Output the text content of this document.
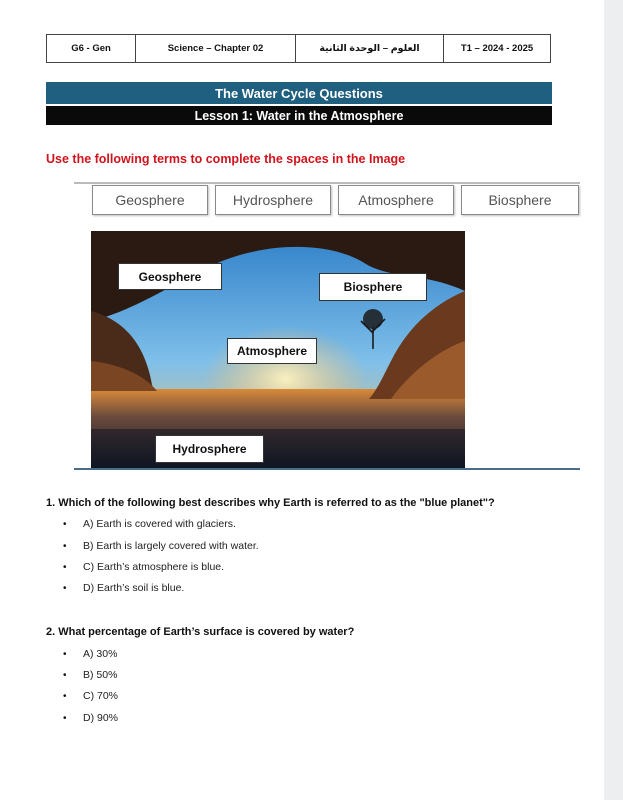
G6 - Gen	Science – Chapter 02	العلوم – الوحدة الثانية	T1 – 2024 - 2025
The Water Cycle Questions
Lesson 1: Water in the Atmosphere
Use the following terms to complete the spaces in the Image
Geosphere	Hydrosphere	Atmosphere	Biosphere
Geosphere
Biosphere
Atmosphere
Hydrosphere
1. Which of the following best describes why Earth is referred to as the "blue planet"?
•	A) Earth is covered with glaciers.
•	B) Earth is largely covered with water.
•	C) Earth’s atmosphere is blue.
•	D) Earth’s soil is blue.
2. What percentage of Earth’s surface is covered by water?
•	A) 30%
•	B) 50%
•	C) 70%
•	D) 90%
